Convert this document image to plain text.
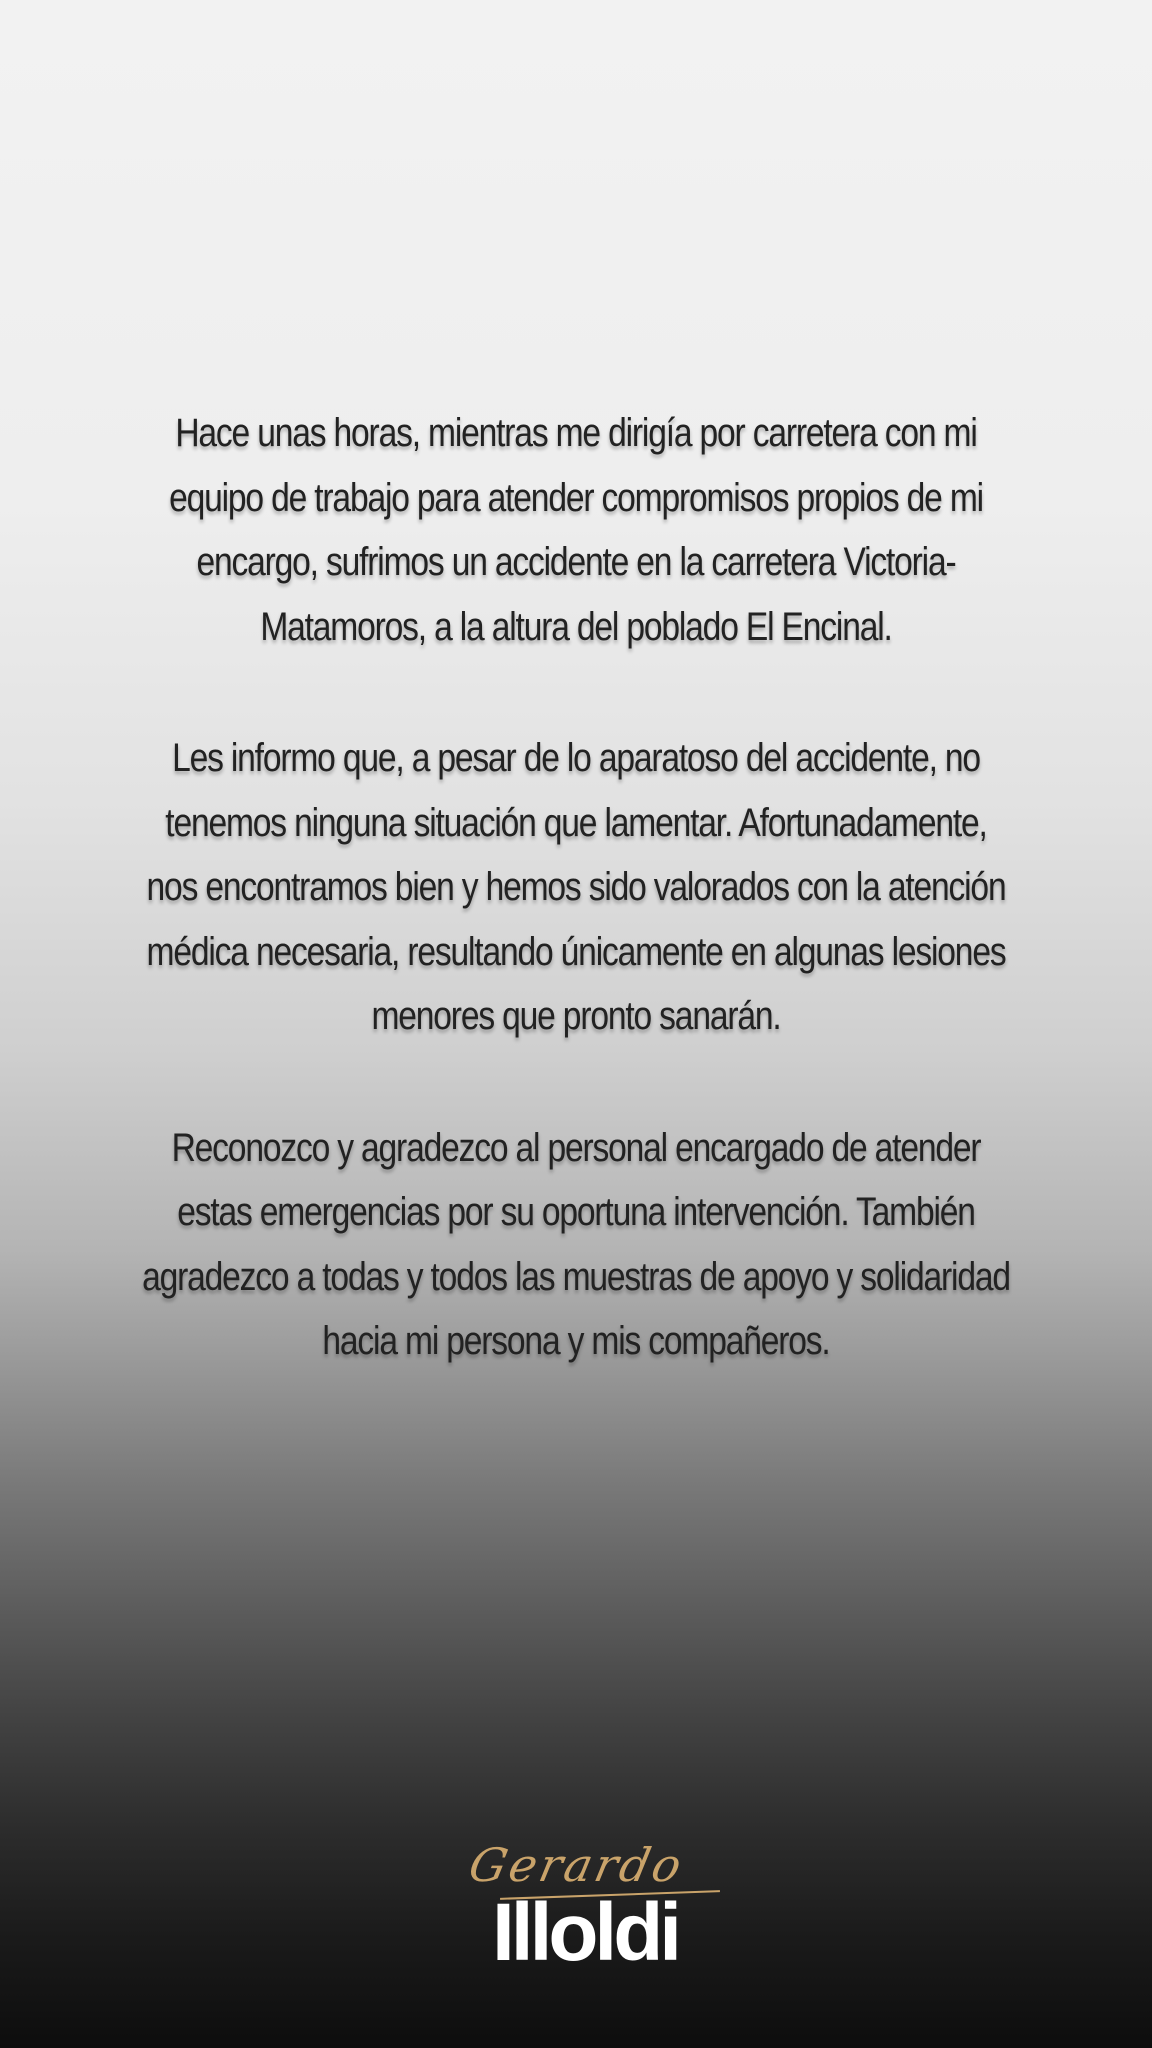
Hace unas horas, mientras me dirigía por carretera con mi
equipo de trabajo para atender compromisos propios de mi
encargo, sufrimos un accidente en la carretera Victoria-
Matamoros, a la altura del poblado El Encinal.
Les informo que, a pesar de lo aparatoso del accidente, no
tenemos ninguna situación que lamentar. Afortunadamente,
nos encontramos bien y hemos sido valorados con la atención
médica necesaria, resultando únicamente en algunas lesiones
menores que pronto sanarán.
Reconozco y agradezco al personal encargado de atender
estas emergencias por su oportuna intervención. También
agradezco a todas y todos las muestras de apoyo y solidaridad
hacia mi persona y mis compañeros.
Gerardo
Illoldi
